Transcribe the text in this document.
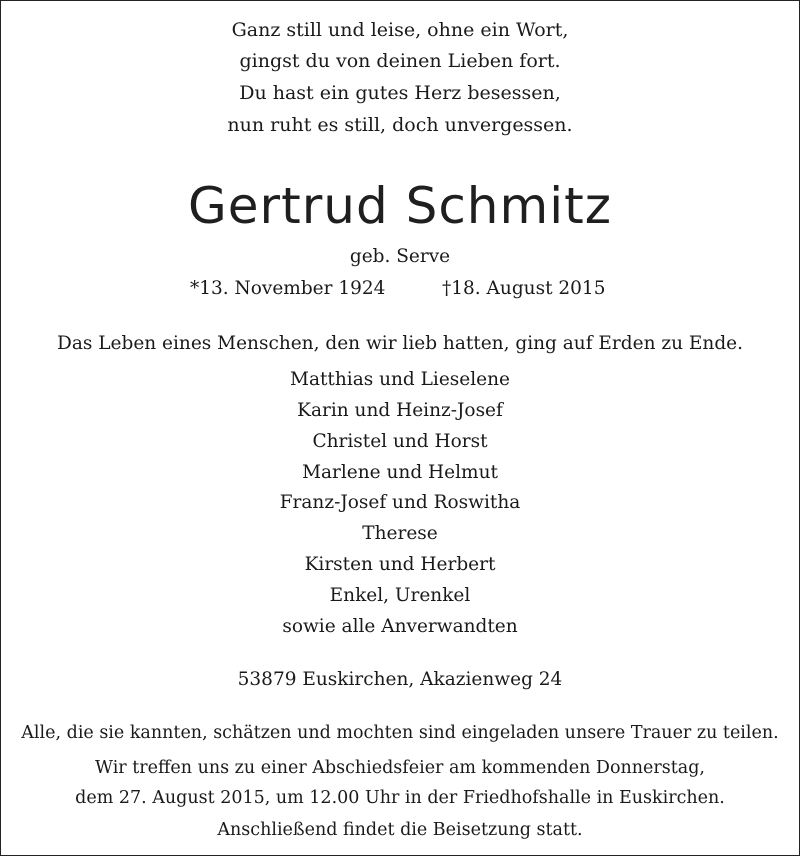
Ganz still und leise, ohne ein Wort,
gingst du von deinen Lieben fort.
Du hast ein gutes Herz besessen,
nun ruht es still, doch unvergessen.
Gertrud Schmitz
geb. Serve
*13. November 1924	†18. August 2015
Das Leben eines Menschen, den wir lieb hatten, ging auf Erden zu Ende.
Matthias und Lieselene
Karin und Heinz-Josef
Christel und Horst
Marlene und Helmut
Franz-Josef und Roswitha
Therese
Kirsten und Herbert
Enkel, Urenkel
sowie alle Anverwandten
53879 Euskirchen, Akazienweg 24
Alle, die sie kannten, schätzen und mochten sind eingeladen unsere Trauer zu teilen.
Wir treffen uns zu einer Abschiedsfeier am kommenden Donnerstag,
dem 27. August 2015, um 12.00 Uhr in der Friedhofshalle in Euskirchen.
Anschließend findet die Beisetzung statt.
